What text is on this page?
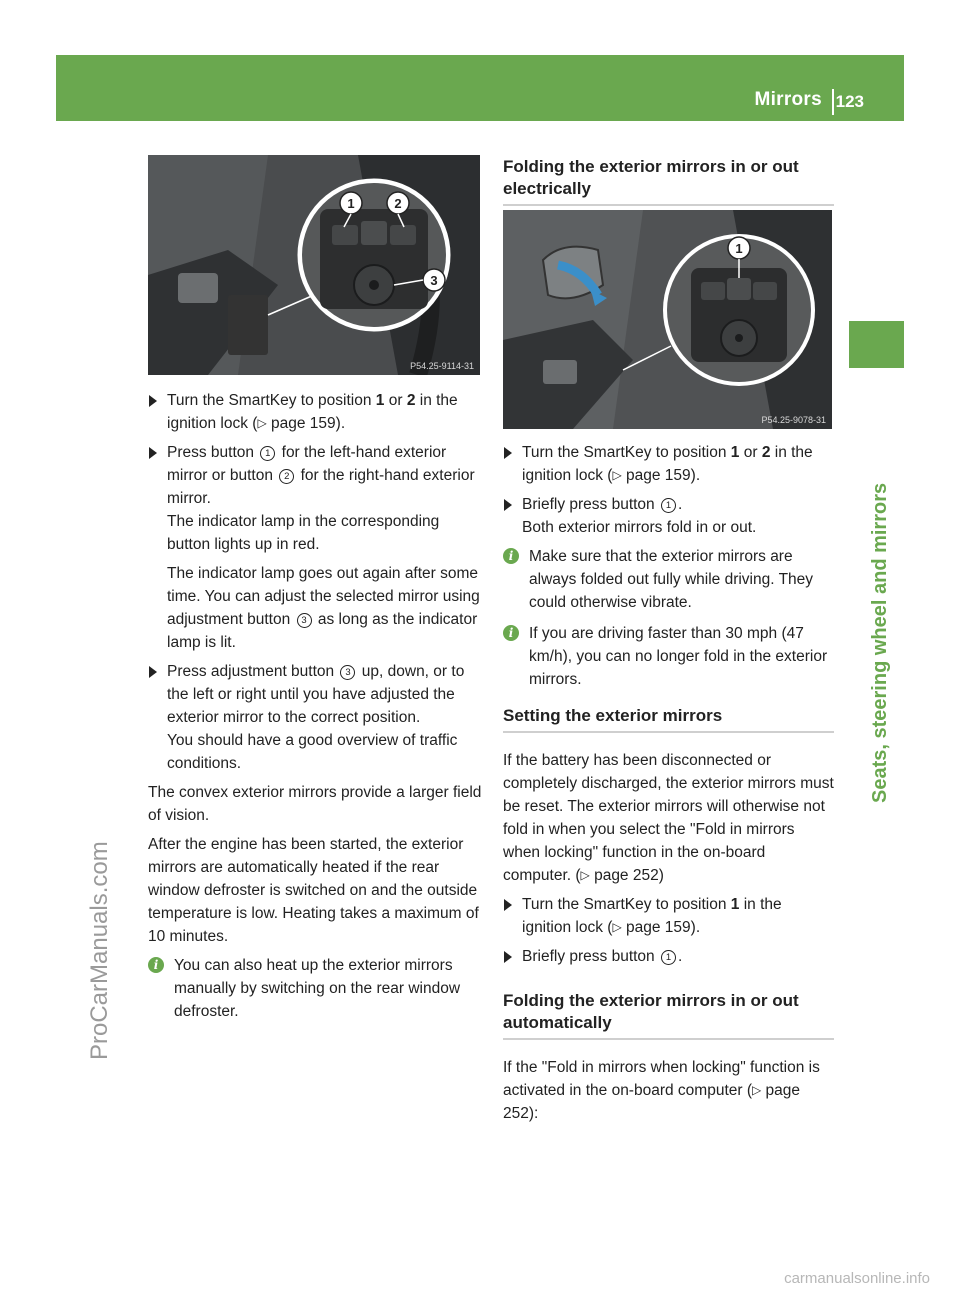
Mirrors 123
Seats, steering wheel and mirrors
ProCarManuals.com
carmanualsonline.info
1	2
3
P54.25-9114-31
1
P54.25-9078-31
Turn the SmartKey to position 1 or 2 in the ignition lock (▷ page 159).
Press button 1 for the left-hand exterior mirror or button 2 for the right-hand exterior mirror.
The indicator lamp in the corresponding button lights up in red.
The indicator lamp goes out again after some time. You can adjust the selected mirror using adjustment button 3 as long as the indicator lamp is lit.
Press adjustment button 3 up, down, or to the left or right until you have adjusted the exterior mirror to the correct position.
You should have a good overview of traffic conditions.

The convex exterior mirrors provide a larger field of vision.

After the engine has been started, the exterior mirrors are automatically heated if the rear window defroster is switched on and the outside temperature is low. Heating takes a maximum of 10 minutes.

i	You can also heat up the exterior mirrors manually by switching on the rear window defroster.
Folding the exterior mirrors in or out electrically
Turn the SmartKey to position 1 or 2 in the ignition lock (▷ page 159).
Briefly press button 1 .
Both exterior mirrors fold in or out.
i	Make sure that the exterior mirrors are always folded out fully while driving. They could otherwise vibrate.
i	If you are driving faster than 30 mph (47 km/h), you can no longer fold in the exterior mirrors.
Setting the exterior mirrors

If the battery has been disconnected or completely discharged, the exterior mirrors must be reset. The exterior mirrors will otherwise not fold in when you select the "Fold in mirrors when locking" function in the on-board computer. (▷ page 252)

Turn the SmartKey to position 1 in the ignition lock (▷ page 159).
Briefly press button 1 .
Folding the exterior mirrors in or out automatically

If the "Fold in mirrors when locking" function is activated in the on-board computer (▷ page 252):
